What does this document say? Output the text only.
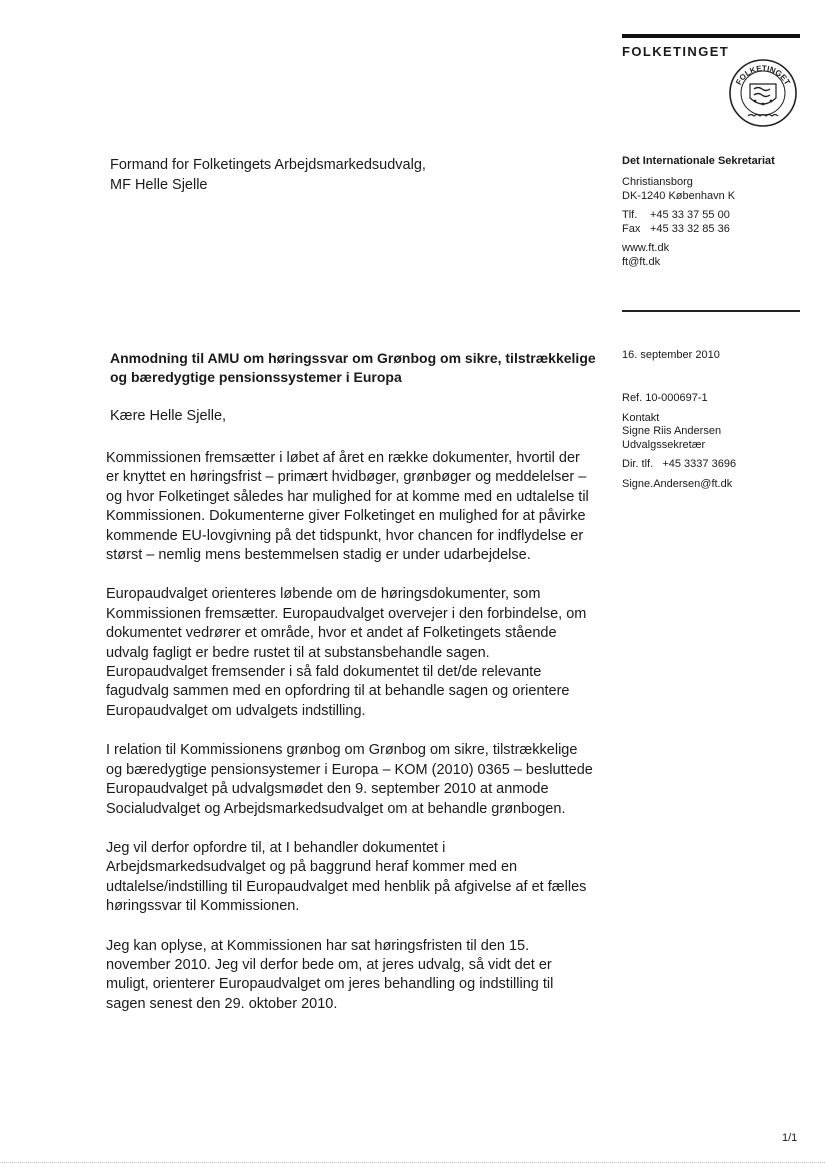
FOLKETINGET
FOLKETINGET
Formand for Folketingets Arbejdsmarkedsudvalg,
MF Helle Sjelle
Det Internationale Sekretariat
Christiansborg
DK-1240 København K
Tlf. +45 33 37 55 00
Fax +45 33 32 85 36
www.ft.dk
ft@ft.dk
Anmodning til AMU om høringssvar om Grønbog om sikre, tilstrækkelige og bæredygtige pensionssystemer i Europa
16. september 2010
Ref. 10-000697-1
Kontakt
Signe Riis Andersen
Udvalgssekretær
Dir. tlf. +45 3337 3696
Signe.Andersen@ft.dk
Kære Helle Sjelle,

Kommissionen fremsætter i løbet af året en række dokumenter, hvortil der er knyttet en høringsfrist – primært hvidbøger, grønbøger og meddelelser – og hvor Folketinget således har mulighed for at komme med en udtalelse til Kommissionen. Dokumenterne giver Folketinget en mulighed for at påvirke kommende EU-lovgivning på det tidspunkt, hvor chancen for indflydelse er størst – nemlig mens bestemmelsen stadig er under udarbejdelse.

Europaudvalget orienteres løbende om de høringsdokumenter, som Kommissionen fremsætter. Europaudvalget overvejer i den forbindelse, om dokumentet vedrører et område, hvor et andet af Folketingets stående udvalg fagligt er bedre rustet til at substansbehandle sagen. Europaudvalget fremsender i så fald dokumentet til det/de relevante fagudvalg sammen med en opfordring til at behandle sagen og orientere Europaudvalget om udvalgets indstilling.

I relation til Kommissionens grønbog om Grønbog om sikre, tilstrækkelige og bæredygtige pensionsystemer i Europa – KOM (2010) 0365 – besluttede Europaudvalget på udvalgsmødet den 9. september 2010 at anmode Socialudvalget og Arbejdsmarkedsudvalget om at behandle grønbogen.

Jeg vil derfor opfordre til, at I behandler dokumentet i Arbejdsmarkedsudvalget og på baggrund heraf kommer med en udtalelse/indstilling til Europaudvalget med henblik på afgivelse af et fælles høringssvar til Kommissionen.

Jeg kan oplyse, at Kommissionen har sat høringsfristen til den 15. november 2010. Jeg vil derfor bede om, at jeres udvalg, så vidt det er muligt, orienterer Europaudvalget om jeres behandling og indstilling til sagen senest den 29. oktober 2010.

1/1
